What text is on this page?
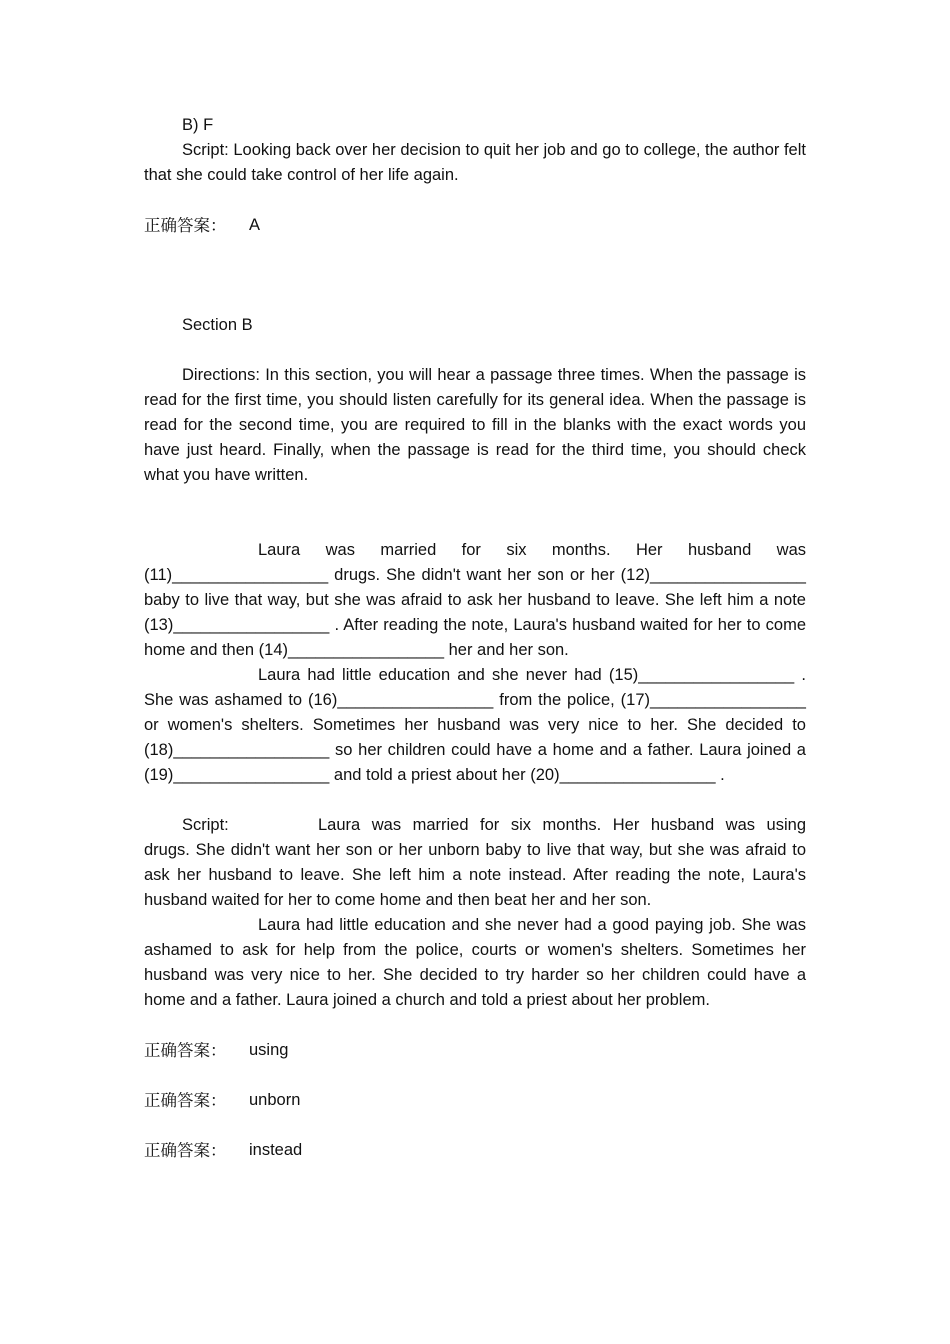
B) F

Script: Looking back over her decision to quit her job and go to college, the author felt that she could take control of her life again.

正确答案：	A

Section B

Directions: In this section, you will hear a passage three times. When the passage is read for the first time, you should listen carefully for its general idea. When the passage is read for the second time, you are required to fill in the blanks with the exact words you have just heard. Finally, when the passage is read for the third time, you should check what you have written.

Laura was married for six months. Her husband was (11)_________________ drugs. She didn't want her son or her (12)_________________ baby to live that way, but she was afraid to ask her husband to leave. She left him a note (13)_________________ . After reading the note, Laura's husband waited for her to come home and then (14)_________________ her and her son.

Laura had little education and she never had (15)_________________ . She was ashamed to (16)_________________ from the police, (17)_________________ or women's shelters. Sometimes her husband was very nice to her. She decided to (18)_________________ so her children could have a home and a father. Laura joined a (19)_________________ and told a priest about her (20)_________________ .

Script:	Laura was married for six months. Her husband was using

drugs. She didn't want her son or her unborn baby to live that way, but she was afraid to ask her husband to leave. She left him a note instead. After reading the note, Laura's husband waited for her to come home and then beat her and her son.

Laura had little education and she never had a good paying job. She was ashamed to ask for help from the police, courts or women's shelters. Sometimes her husband was very nice to her. She decided to try harder so her children could have a home and a father. Laura joined a church and told a priest about her problem.

正确答案：	using
正确答案：	unborn
正确答案：	instead
